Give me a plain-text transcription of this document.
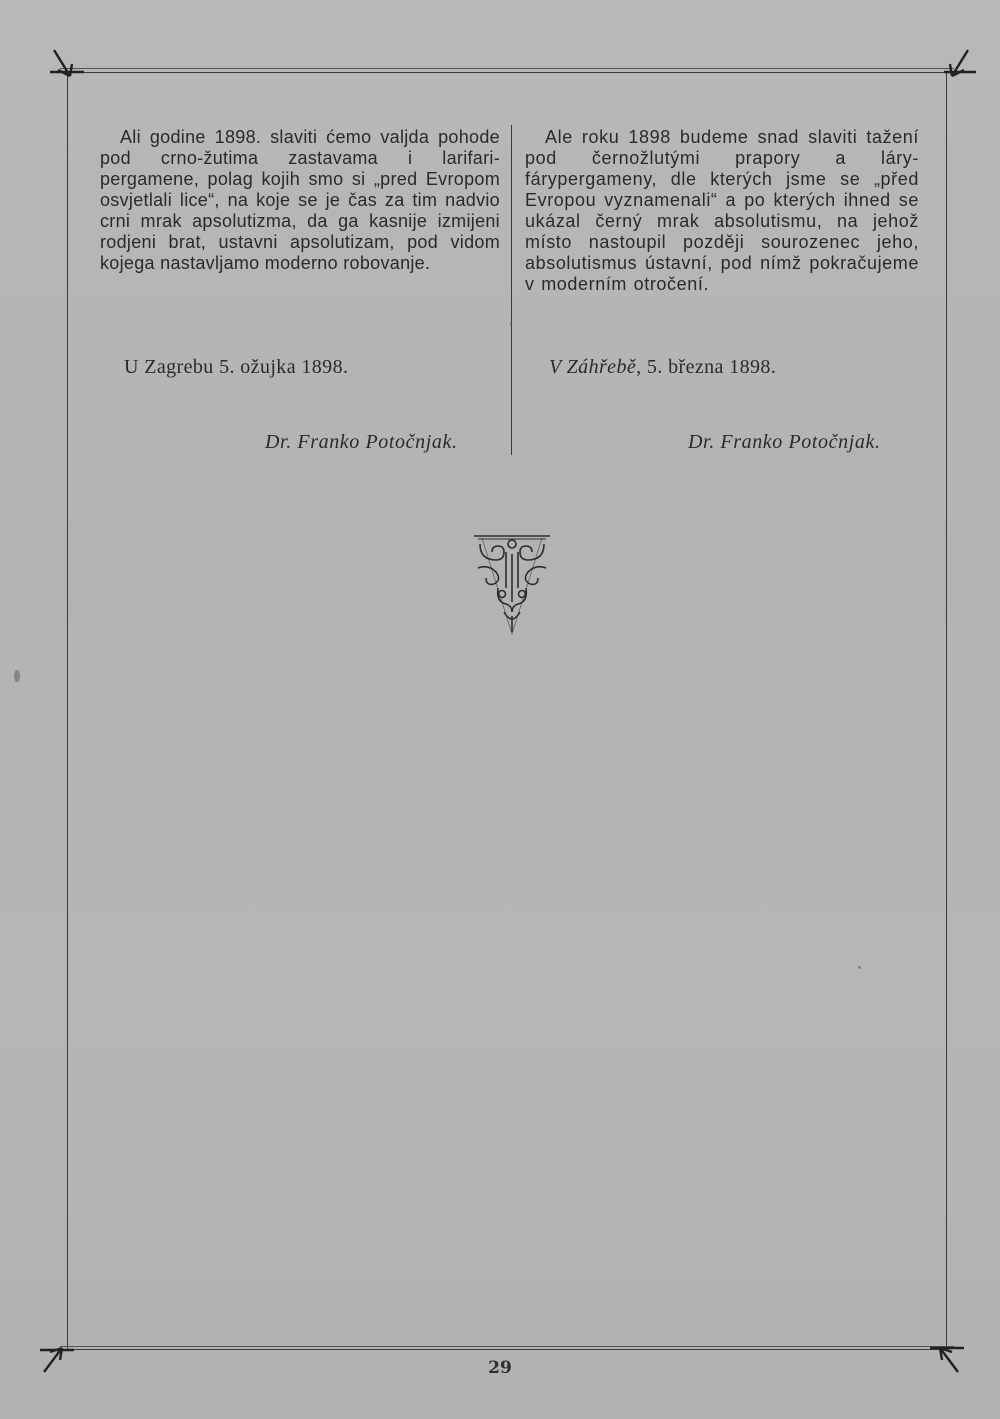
Ali godine 1898. slaviti ćemo valjda pohode pod crno-žutima zastavama i larifari-pergamene, polag kojih smo si „pred Evropom osvjetlali lice“, na koje se je čas za tim nadvio crni mrak apsolutizma, da ga kasnije izmijeni rodjeni brat, ustavni apsolutizam, pod vidom kojega nastavljamo moderno robovanje.

Ale roku 1898 budeme snad slaviti tažení pod černožlutými prapory a láry-fárypergameny, dle kterých jsme se „před Evropou vyznamenali“ a po kterých ihned se ukázal černý mrak absolutismu, na jehož místo nastoupil později sourozenec jeho, absolutismus ústavní, pod nímž pokračujeme v moderním otročení.

U Zagrebu 5. ožujka 1898.	V Záhřebě, 5. března 1898.
Dr. Franko Potočnjak.	Dr. Franko Potočnjak.
29
